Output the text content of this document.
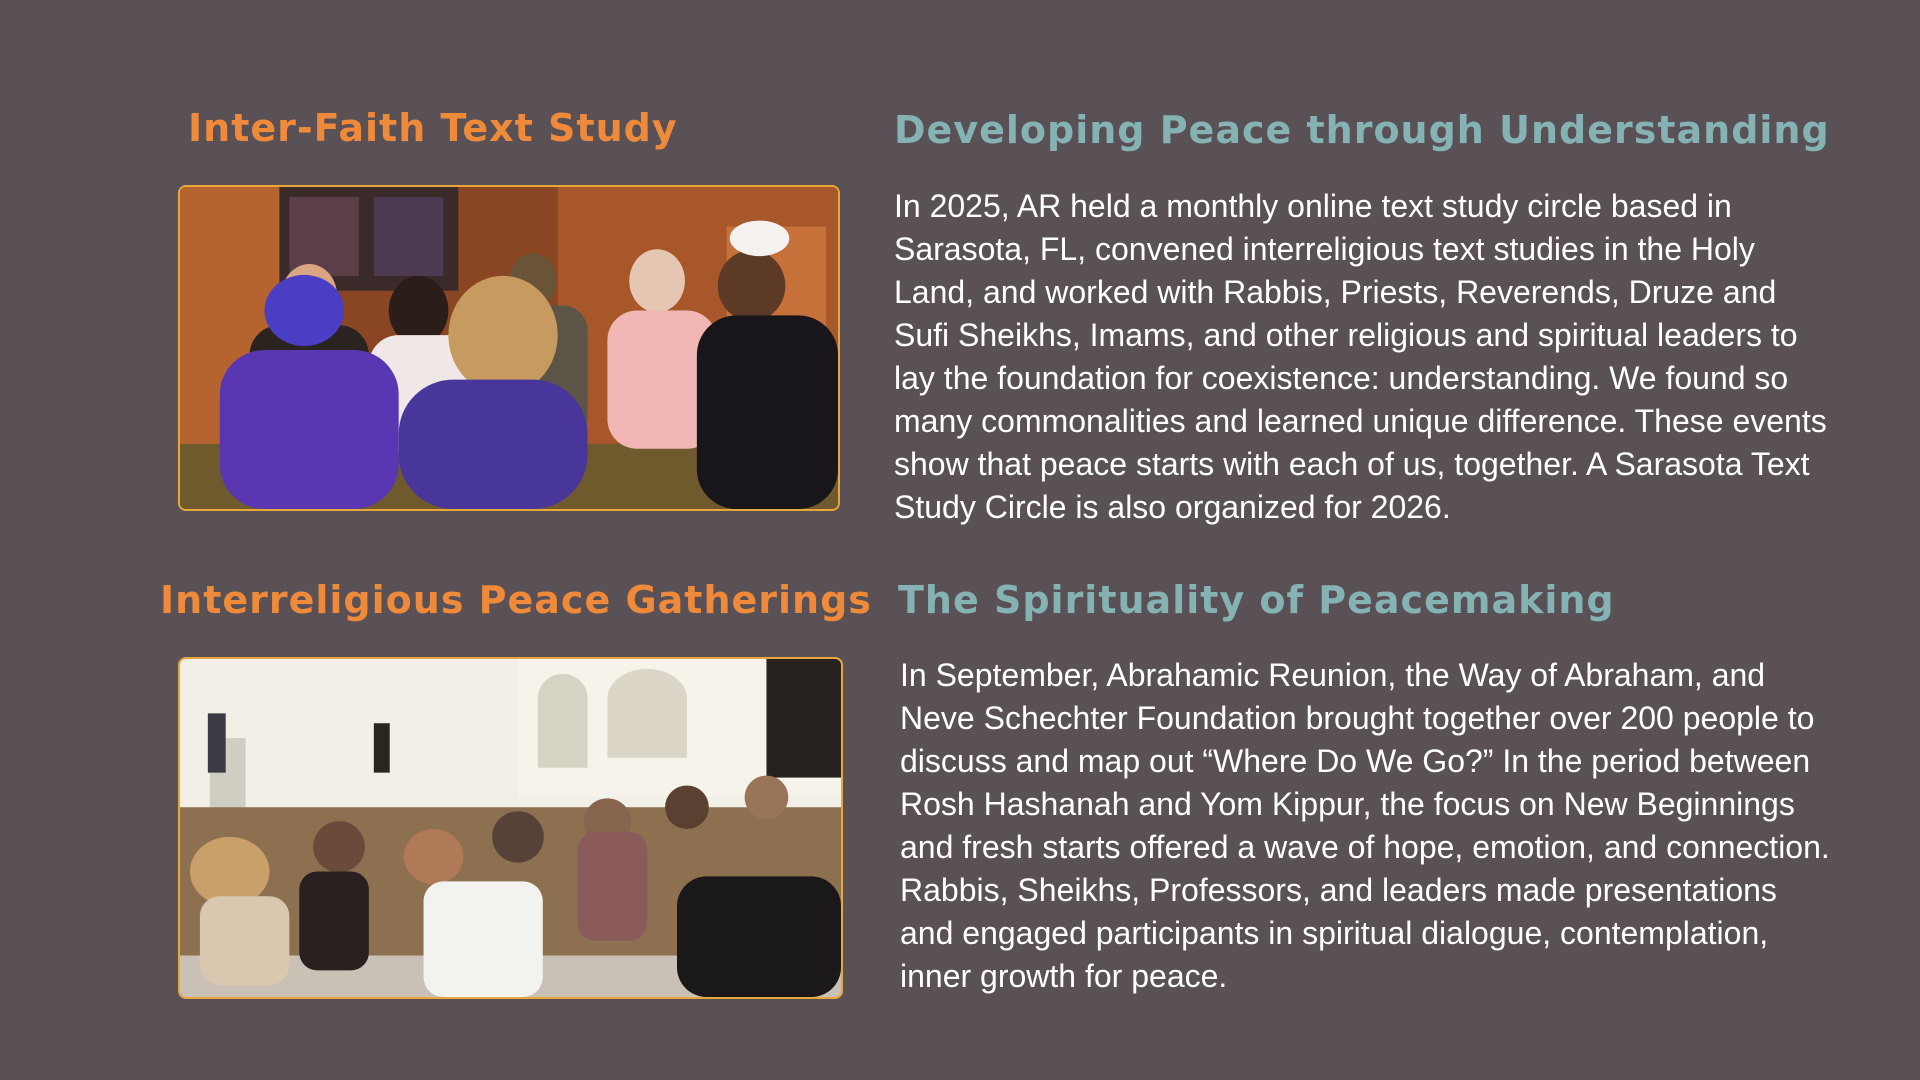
Inter-Faith Text Study	Developing Peace through Understanding

In 2025, AR held a monthly online text study circle based in Sarasota, FL, convened interreligious text studies in the Holy Land, and worked with Rabbis, Priests, Reverends, Druze and Sufi Sheikhs, Imams, and other religious and spiritual leaders to lay the foundation for coexistence: understanding. We found so many commonalities and learned unique difference. These events show that peace starts with each of us, together. A Sarasota Text Study Circle is also organized for 2026.

Interreligious Peace Gatherings The Spirituality of Peacemaking

In September, Abrahamic Reunion, the Way of Abraham, and Neve Schechter Foundation brought together over 200 people to discuss and map out “Where Do We Go?” In the period between Rosh Hashanah and Yom Kippur, the focus on New Beginnings and fresh starts offered a wave of hope, emotion, and connection. Rabbis, Sheikhs, Professors, and leaders made presentations and engaged participants in spiritual dialogue, contemplation, inner growth for peace.
